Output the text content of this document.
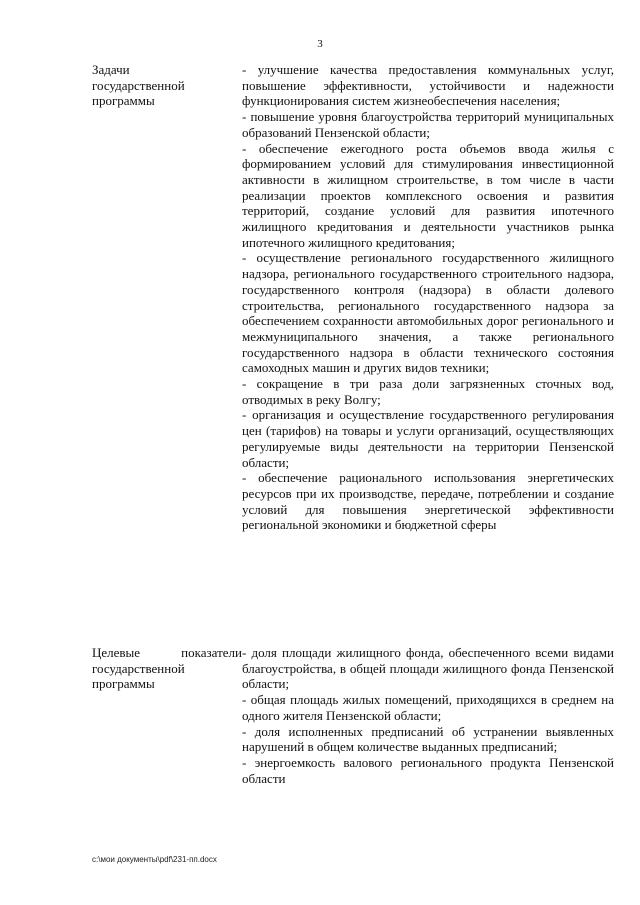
3
Задачи
государственной
программы

- улучшение качества предоставления коммунальных услуг, повышение эффективности, устойчивости и надежности функционирования систем жизнеобеспечения населения;

- повышение уровня благоустройства территорий муниципальных образований Пензенской области;

- обеспечение ежегодного роста объемов ввода жилья с формированием условий для стимулирования инвестиционной активности в жилищном строительстве, в том числе в части реализации проектов комплексного освоения и развития территорий, создание условий для развития ипотечного жилищного кредитования и деятельности участников рынка ипотечного жилищного кредитования;

- осуществление регионального государственного жилищного надзора, регионального государственного строительного надзора, государственного контроля (надзора) в области долевого строительства, регионального государственного надзора за обеспечением сохранности автомобильных дорог регионального и межмуниципального значения, а также регионального государственного надзора в области технического состояния самоходных машин и других видов техники;

- сокращение в три раза доли загрязненных сточных вод, отводимых в реку Волгу;

- организация и осуществление государственного регулирования цен (тарифов) на товары и услуги организаций, осуществляющих регулируемые виды деятельности на территории Пензенской области;

- обеспечение рационального использования энергетических ресурсов при их производстве, передаче, потреблении и создание условий для повышения энергетической эффективности региональной экономики и бюджетной сферы

Целевые показатели
государственной
программы

- доля площади жилищного фонда, обеспеченного всеми видами благоустройства, в общей площади жилищного фонда Пензенской области;

- общая площадь жилых помещений, приходящихся в среднем на одного жителя Пензенской области;

- доля исполненных предписаний об устранении выявленных нарушений в общем количестве выданных предписаний;

- энергоемкость валового регионального продукта Пензенской области

c:\мои документы\pdf\231-пп.docx
